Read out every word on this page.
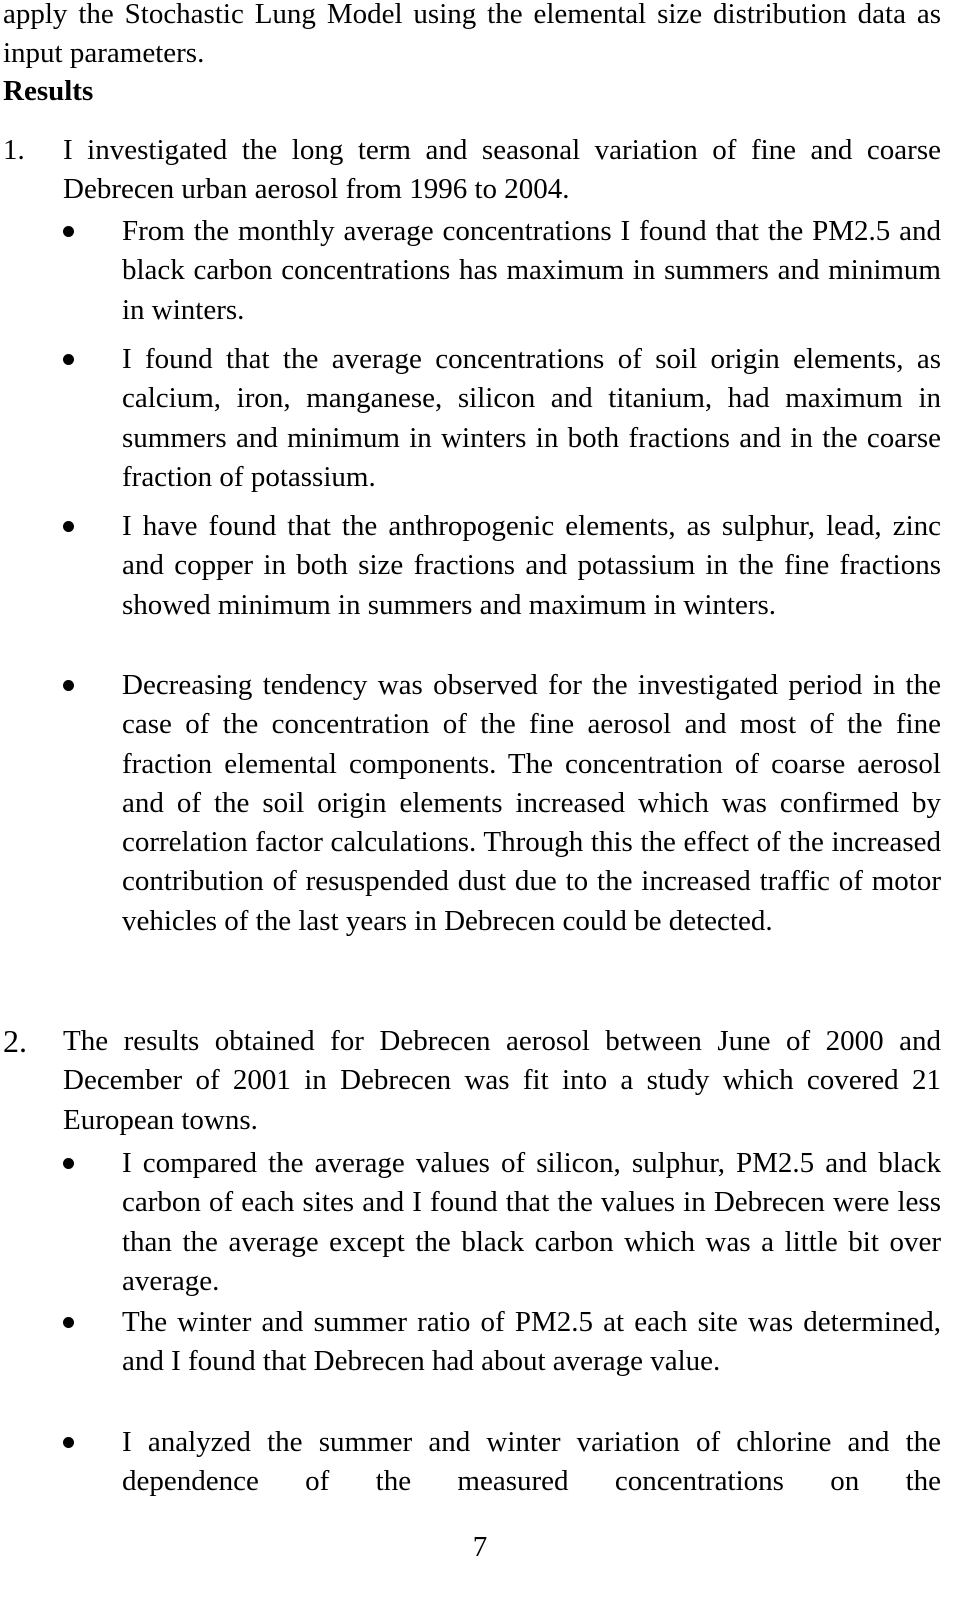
apply the Stochastic Lung Model using the elemental size distribution data as input parameters.
Results
1. I investigated the long term and seasonal variation of fine and coarse Debrecen urban aerosol from 1996 to 2004.
From the monthly average concentrations I found that the PM2.5 and black carbon concentrations has maximum in summers and minimum in winters.
I found that the average concentrations of soil origin elements, as calcium, iron, manganese, silicon and titanium, had maximum in summers and minimum in winters in both fractions and in the coarse fraction of potassium.
I have found that the anthropogenic elements, as sulphur, lead, zinc and copper in both size fractions and potassium in the fine fractions showed minimum in summers and maximum in winters.
Decreasing tendency was observed for the investigated period in the case of the concentration of the fine aerosol and most of the fine fraction elemental components. The concentration of coarse aerosol and of the soil origin elements increased which was confirmed by correlation factor calculations. Through this the effect of the increased contribution of resuspended dust due to the increased traffic of motor vehicles of the last years in Debrecen could be detected.
2. The results obtained for Debrecen aerosol between June of 2000 and December of 2001 in Debrecen was fit into a study which covered 21 European towns.
I compared the average values of silicon, sulphur, PM2.5 and black carbon of each sites and I found that the values in Debrecen were less than the average except the black carbon which was a little bit over average.
The winter and summer ratio of PM2.5 at each site was determined, and I found that Debrecen had about average value.
I analyzed the summer and winter variation of chlorine and the dependence of the measured concentrations on the
7
